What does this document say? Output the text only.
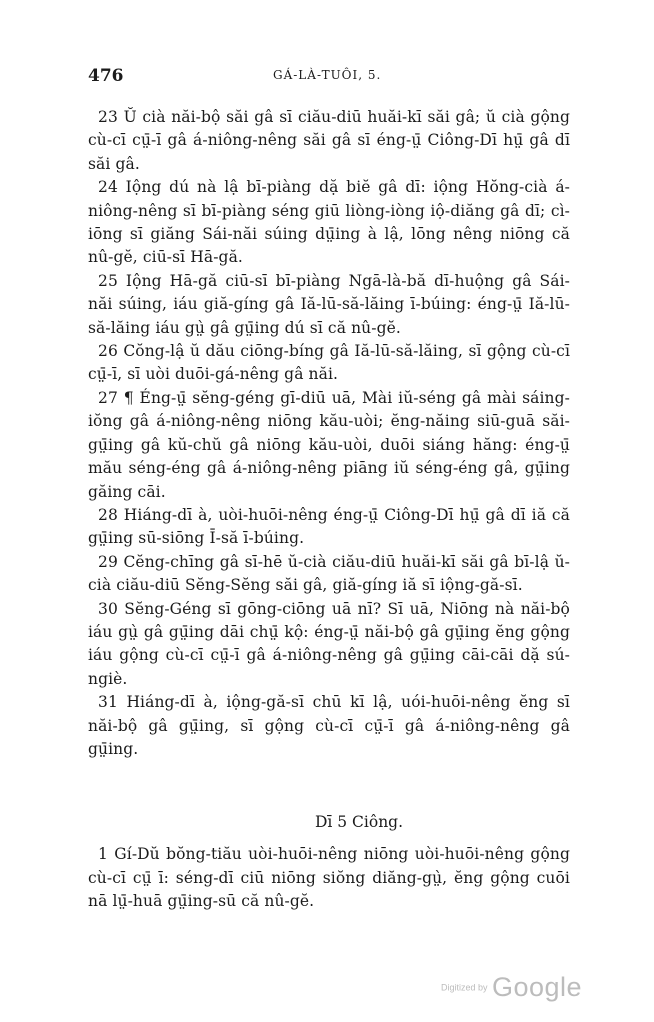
476	GÁ-LÀ-TUÔI, 5.

23 Ŭ cià năi-bộ săi gâ sī ciău-diū huăi-kī săi gâ; ŭ cià gộng cù-cī cṳ̄-ī gâ á-niông-nêng săi gâ sī éng-ṳ̄ Ciông-Dī hṳ̄ gâ dī săi gâ.

24 Iộng dú nà lậ bī-piàng dặ biĕ gâ dī: iộng Hŏng-cià á-niông-nêng sī bī-piàng séng giū liòng-iòng iộ-diăng gâ dī; cì-iōng sī giăng Sái-năi súing dṳ̄ing à lậ, lōng nêng niōng că nû-gĕ, ciū-sī Hā-gă.

25 Iộng Hā-gă ciū-sī bī-piàng Ngā-là-bă dī-huộng gâ Sái-năi súing, iáu giă-gíng gâ Iă-lū-să-lăing ī-búing: éng-ṳ̄ Iă-lū-să-lăing iáu gṳ̀ gâ gṳ̄ing dú sī că nû-gĕ.

26 Cŏng-lậ ŭ dău ciōng-bíng gâ Iă-lū-să-lăing, sī gộng cù-cī cṳ̄-ī, sī uòi duōi-gá-nêng gâ năi.

27 ¶ Éng-ṳ̄ sĕng-géng gī-diū uā, Mài iŭ-séng gâ mài sáing-iŏng gâ á-niông-nêng niōng kău-uòi; ĕng-năing siū-guā săi-gṳ̄ing gâ kŭ-chŭ gâ niōng kău-uòi, duōi siáng hăng: éng-ṳ̄ mău séng-éng gâ á-niông-nêng piāng iŭ séng-éng gâ, gṳ̄ing găing cāi.

28 Hiáng-dī à, uòi-huōi-nêng éng-ṳ̄ Ciông-Dī hṳ̄ gâ dī iă că gṳ̄ing sū-siōng Ī-să ī-búing.

29 Cĕng-chīng gâ sī-hē ŭ-cià ciău-diū huăi-kī săi gâ bī-lậ ŭ-cià ciău-diū Sĕng-Sĕng săi gâ, giă-gíng iă sī iộng-gă-sī.

30 Sĕng-Géng sī gōng-ciōng uā nī? Sī uā, Niōng nà năi-bộ iáu gṳ̀ gâ gṳ̄ing dāi chṳ̄ kộ: éng-ṳ̄ năi-bộ gâ gṳ̄ing ĕng gộng iáu gộng cù-cī cṳ̄-ī gâ á-niông-nêng gâ gṳ̄ing cāi-cāi dặ sú-ngiè.

31 Hiáng-dī à, iộng-gă-sī chū kī lậ, uói-huōi-nêng ĕng sī năi-bộ gâ gṳ̄ing, sī gộng cù-cī cṳ̄-ī gâ á-niông-nêng gâ gṳ̄ing.

Dī 5 Ciông.

1 Gí-Dŭ bŏng-tiău uòi-huōi-nêng niōng uòi-huōi-nêng gộng cù-cī cṳ̄ ī: séng-dī ciū niōng siŏng diăng-gṳ̀, ĕng gộng cuōi nā lṳ̄-huā gṳ̄ing-sū că nû-gĕ.

Digitized by Google
